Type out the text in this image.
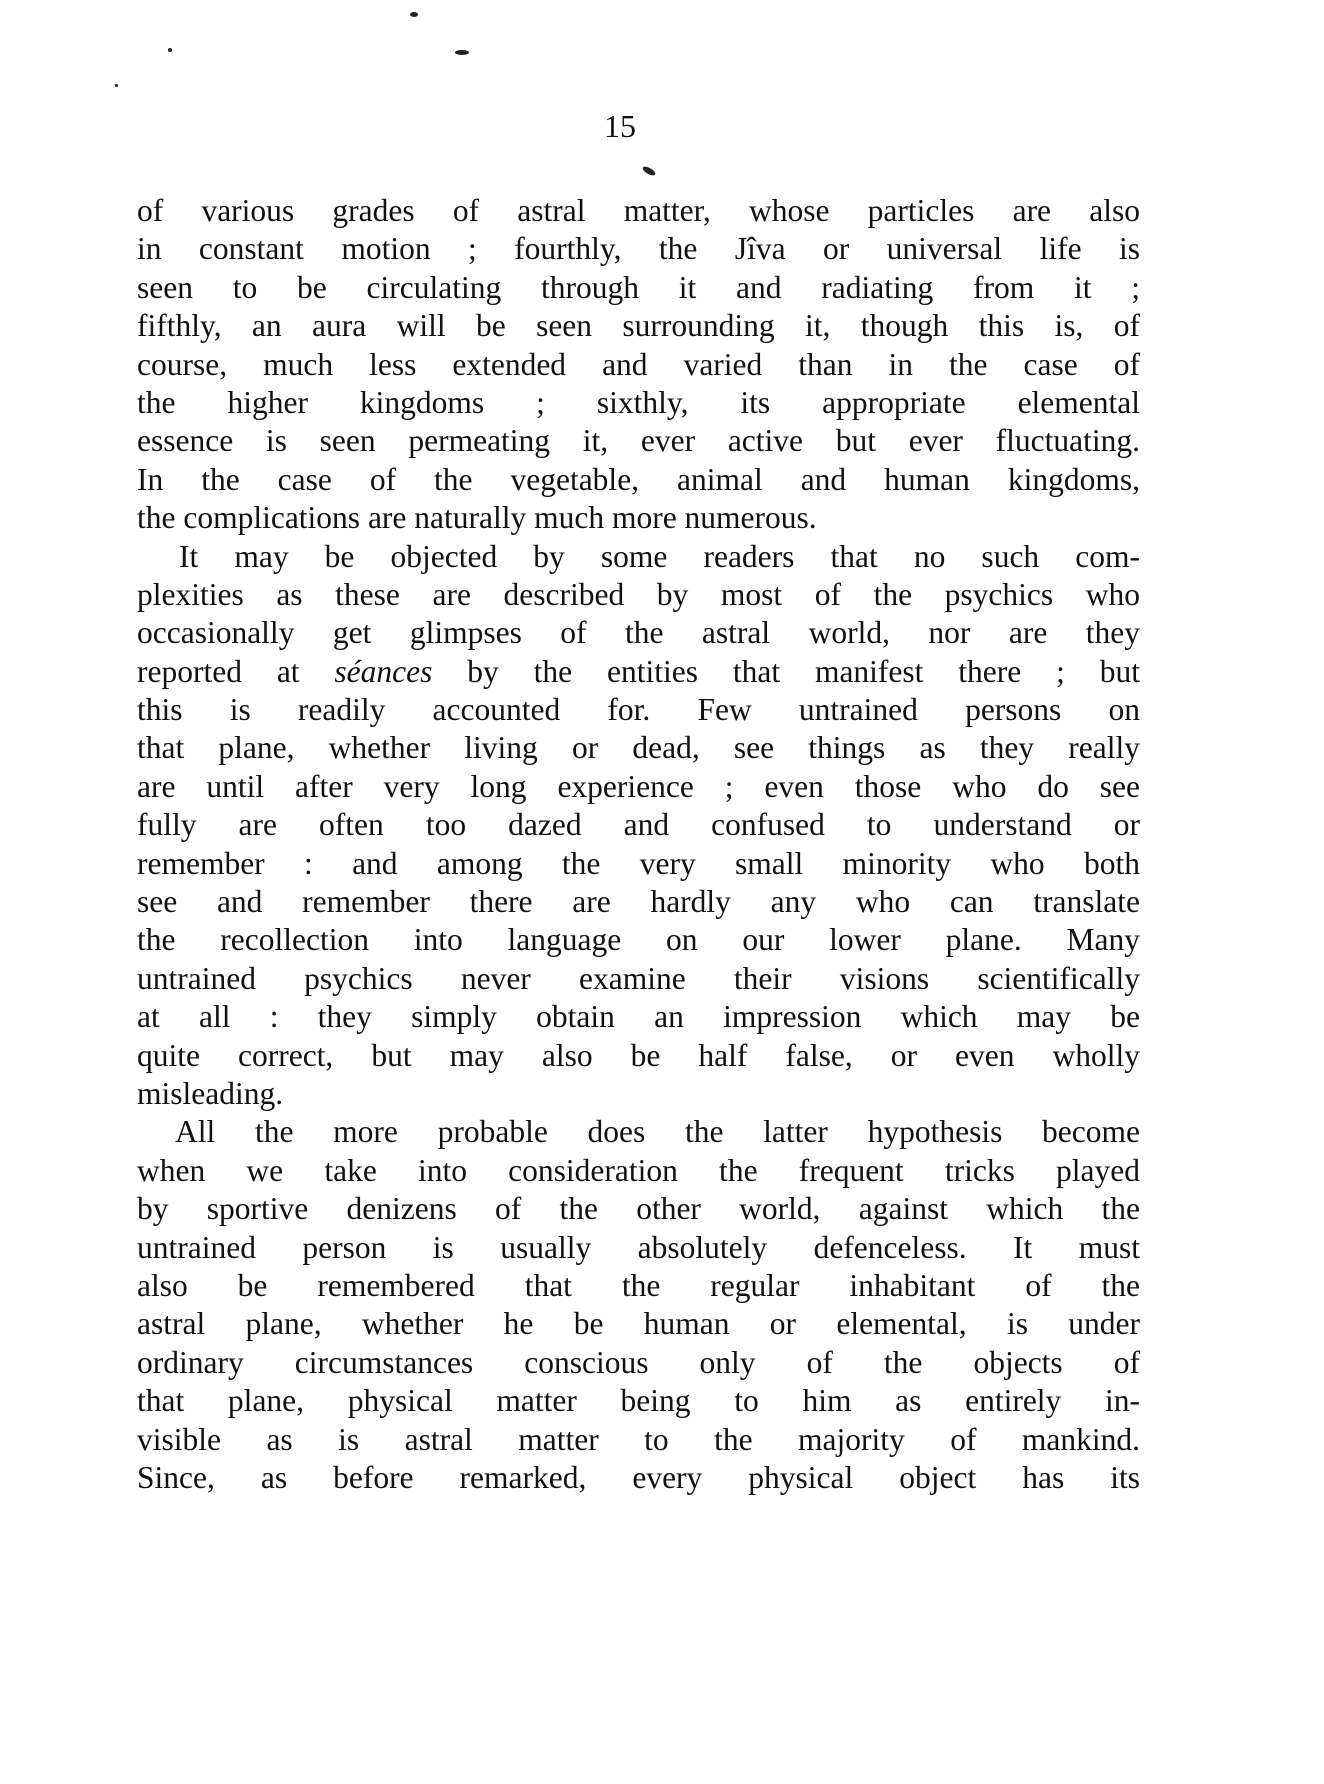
15
of various grades of astral matter, whose particles are also
in constant motion ; fourthly, the Jîva or universal life is
seen to be circulating through it and radiating from it ;
fifthly, an aura will be seen surrounding it, though this is, of
course, much less extended and varied than in the case of
the higher kingdoms ; sixthly, its appropriate elemental
essence is seen permeating it, ever active but ever fluctuating.
In the case of the vegetable, animal and human kingdoms,
the complications are naturally much more numerous.
It may be objected by some readers that no such com-
plexities as these are described by most of the psychics who
occasionally get glimpses of the astral world, nor are they
reported at séances by the entities that manifest there ; but
this is readily accounted for. Few untrained persons on
that plane, whether living or dead, see things as they really
are until after very long experience ; even those who do see
fully are often too dazed and confused to understand or
remember : and among the very small minority who both
see and remember there are hardly any who can translate
the recollection into language on our lower plane. Many
untrained psychics never examine their visions scientifically
at all : they simply obtain an impression which may be
quite correct, but may also be half false, or even wholly
misleading.
All the more probable does the latter hypothesis become
when we take into consideration the frequent tricks played
by sportive denizens of the other world, against which the
untrained person is usually absolutely defenceless. It must
also be remembered that the regular inhabitant of the
astral plane, whether he be human or elemental, is under
ordinary circumstances conscious only of the objects of
that plane, physical matter being to him as entirely in-
visible as is astral matter to the majority of mankind.
Since, as before remarked, every physical object has its
